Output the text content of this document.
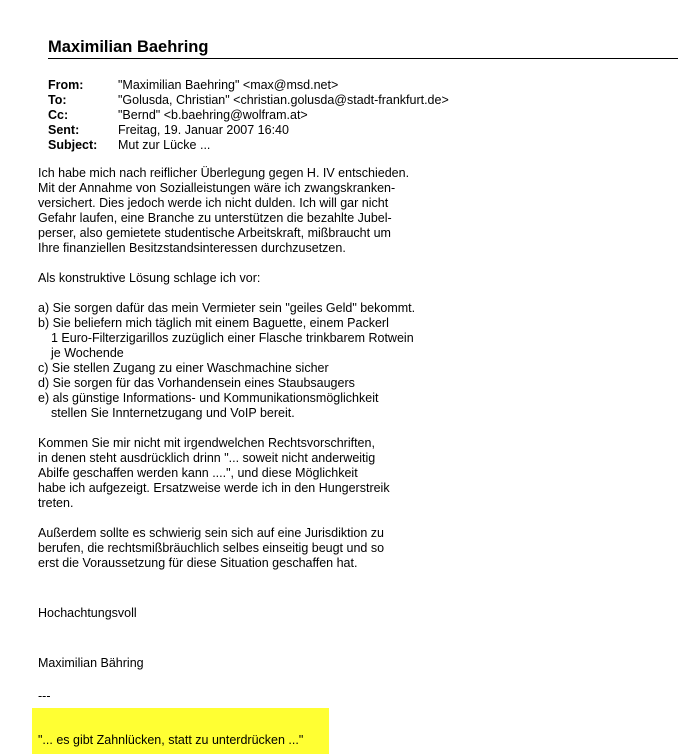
Maximilian Baehring
From:	"Maximilian Baehring" <max@msd.net>
To:	"Golusda, Christian" <christian.golusda@stadt-frankfurt.de>
Cc:	"Bernd" <b.baehring@wolfram.at>
Sent:	Freitag, 19. Januar 2007 16:40
Subject:	Mut zur Lücke ...

Ich habe mich nach reiflicher Überlegung gegen H. IV entschieden.
Mit der Annahme von Sozialleistungen wäre ich zwangskranken-
versichert. Dies jedoch werde ich nicht dulden. Ich will gar nicht
Gefahr laufen, eine Branche zu unterstützen die bezahlte Jubel-
perser, also gemietete studentische Arbeitskraft, mißbraucht um
Ihre finanziellen Besitzstandsinteressen durchzusetzen.

Als konstruktive Lösung schlage ich vor:

a) Sie sorgen dafür das mein Vermieter sein "geiles Geld" bekommt.
b) Sie beliefern mich täglich mit einem Baguette, einem Packerl
1 Euro-Filterzigarillos zuzüglich einer Flasche trinkbarem Rotwein
je Wochende
c) Sie stellen Zugang zu einer Waschmachine sicher
d) Sie sorgen für das Vorhandensein eines Staubsaugers
e) als günstige Informations- und Kommunikationsmöglichkeit
stellen Sie Innternetzugang und VoIP bereit.

Kommen Sie mir nicht mit irgendwelchen Rechtsvorschriften,
in denen steht ausdrücklich drinn "... soweit nicht anderweitig
Abilfe geschaffen werden kann ....", und diese Möglichkeit
habe ich aufgezeigt. Ersatzweise werde ich in den Hungerstreik
treten.

Außerdem sollte es schwierig sein sich auf eine Jurisdiktion zu
berufen, die rechtsmißbräuchlich selbes einseitig beugt und so
erst die Voraussetzung für diese Situation geschaffen hat.

Hochachtungsvoll

Maximilian Bähring

---

"... es gibt Zahnlücken, statt zu unterdrücken ..."
